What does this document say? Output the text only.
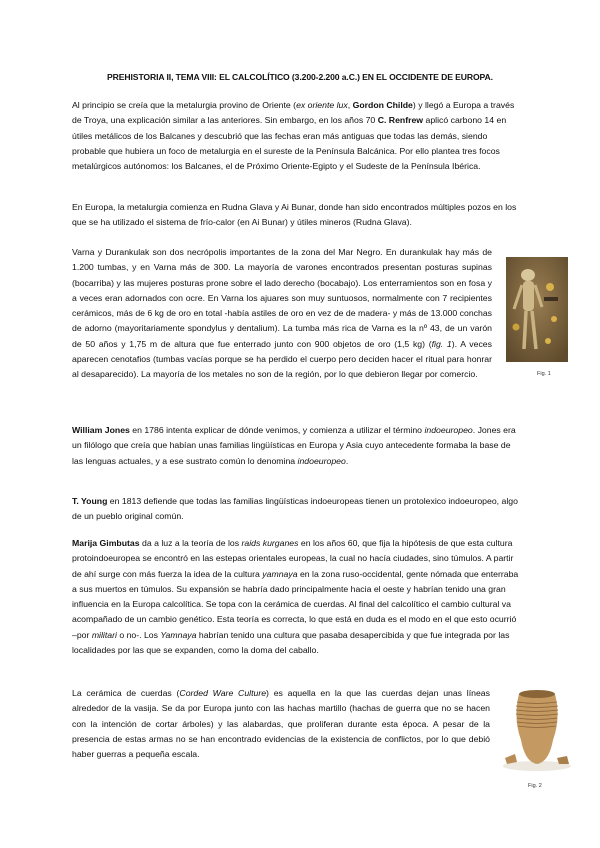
PREHISTORIA II, TEMA VIII: EL CALCOLÍTICO (3.200-2.200 a.C.) EN EL OCCIDENTE DE EUROPA.

Al principio se creía que la metalurgia provino de Oriente (ex oriente lux, Gordon Childe) y llegó a Europa a través de Troya, una explicación similar a las anteriores. Sin embargo, en los años 70 C. Renfrew aplicó carbono 14 en útiles metálicos de los Balcanes y descubrió que las fechas eran más antiguas que todas las demás, siendo probable que hubiera un foco de metalurgia en el sureste de la Península Balcánica. Por ello plantea tres focos metalúrgicos autónomos: los Balcanes, el de Próximo Oriente-Egipto y el Sudeste de la Península Ibérica.

En Europa, la metalurgia comienza en Rudna Glava y Ai Bunar, donde han sido encontrados múltiples pozos en los que se ha utilizado el sistema de frío-calor (en Ai Bunar) y útiles mineros (Rudna Glava).

Varna y Durankulak son dos necrópolis importantes de la zona del Mar Negro. En durankulak hay más de 1.200 tumbas, y en Varna más de 300. La mayoría de varones encontrados presentan posturas supinas (bocarriba) y las mujeres posturas prone sobre el lado derecho (bocabajo). Los enterramientos son en fosa y a veces eran adornados con ocre. En Varna los ajuares son muy suntuosos, normalmente con 7 recipientes cerámicos, más de 6 kg de oro en total -había astiles de oro en vez de de madera- y más de 13.000 conchas de adorno (mayoritariamente spondylus y dentalium). La tumba más rica de Varna es la nº 43, de un varón de 50 años y 1,75 m de altura que fue enterrado junto con 900 objetos de oro (1,5 kg) (fig. 1). A veces aparecen cenotafios (tumbas vacías porque se ha perdido el cuerpo pero deciden hacer el ritual para honrar al desaparecido). La mayoría de los metales no son de la región, por lo que debieron llegar por comercio.	Fig. 1

William Jones en 1786 intenta explicar de dónde venimos, y comienza a utilizar el término indoeuropeo. Jones era un filólogo que creía que habían unas familias lingüísticas en Europa y Asia cuyo antecedente formaba la base de las lenguas actuales, y a ese sustrato común lo denomina indoeuropeo.

T. Young en 1813 defiende que todas las familias lingüísticas indoeuropeas tienen un protolexico indoeuropeo, algo de un pueblo original común.

Marija Gimbutas da a luz a la teoría de los raids kurganes en los años 60, que fija la hipótesis de que esta cultura protoindoeuropea se encontró en las estepas orientales europeas, la cual no hacía ciudades, sino túmulos. A partir de ahí surge con más fuerza la idea de la cultura yamnaya en la zona ruso-occidental, gente nómada que enterraba a sus muertos en túmulos. Su expansión se habría dado principalmente hacia el oeste y habrían tenido una gran influencia en la Europa calcolítica. Se topa con la cerámica de cuerdas. Al final del calcolítico el cambio cultural va acompañado de un cambio genético. Esta teoría es correcta, lo que está en duda es el modo en el que esto ocurrió –por militari o no-. Los Yamnaya habrían tenido una cultura que pasaba desapercibida y que fue integrada por las localidades por las que se expanden, como la doma del caballo.

La cerámica de cuerdas (Corded Ware Culture) es aquella en la que las cuerdas dejan unas líneas alrededor de la vasija. Se da por Europa junto con las hachas martillo (hachas de guerra que no se hacen con la intención de cortar árboles) y las alabardas, que proliferan durante esta época. A pesar de la presencia de estas armas no se han encontrado evidencias de la existencia de conflictos, por lo que debió haber guerras a pequeña escala.

Fig. 2
